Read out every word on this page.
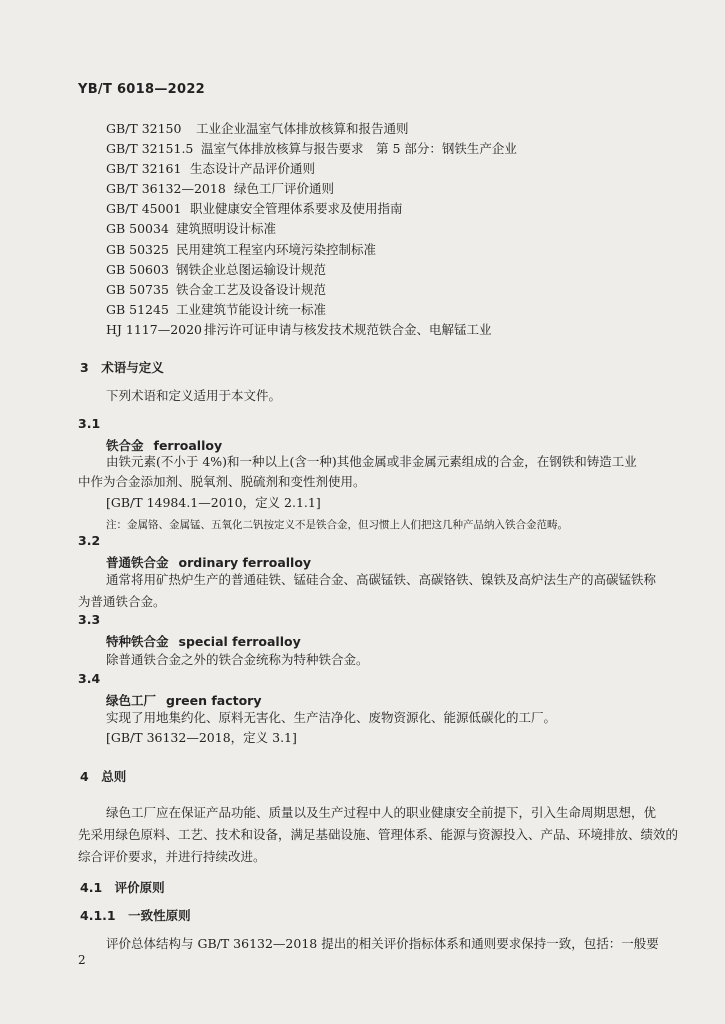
YB/T 6018—2022
GB/T 32150 工业企业温室气体排放核算和报告通则
GB/T 32151.5 温室气体排放核算与报告要求　第 5 部分：钢铁生产企业
GB/T 32161 生态设计产品评价通则
GB/T 36132—2018 绿色工厂评价通则
GB/T 45001 职业健康安全管理体系要求及使用指南
GB 50034 建筑照明设计标准
GB 50325 民用建筑工程室内环境污染控制标准
GB 50603 钢铁企业总图运输设计规范
GB 50735 铁合金工艺及设备设计规范
GB 51245 工业建筑节能设计统一标准
HJ 1117—2020 排污许可证申请与核发技术规范铁合金、电解锰工业
3　术语与定义
下列术语和定义适用于本文件。
3.1
铁合金 ferroalloy
由铁元素(不小于 4%)和一种以上(含一种)其他金属或非金属元素组成的合金，在钢铁和铸造工业
中作为合金添加剂、脱氧剂、脱硫剂和变性剂使用。
[GB/T 14984.1—2010，定义 2.1.1]
注：金属铬、金属锰、五氧化二钒按定义不是铁合金，但习惯上人们把这几种产品纳入铁合金范畴。
3.2
普通铁合金 ordinary ferroalloy
通常将用矿热炉生产的普通硅铁、锰硅合金、高碳锰铁、高碳铬铁、镍铁及高炉法生产的高碳锰铁称
为普通铁合金。
3.3
特种铁合金 special ferroalloy
除普通铁合金之外的铁合金统称为特种铁合金。
3.4
绿色工厂 green factory
实现了用地集约化、原料无害化、生产洁净化、废物资源化、能源低碳化的工厂。
[GB/T 36132—2018，定义 3.1]
4　总则
绿色工厂应在保证产品功能、质量以及生产过程中人的职业健康安全前提下，引入生命周期思想，优
先采用绿色原料、工艺、技术和设备，满足基础设施、管理体系、能源与资源投入、产品、环境排放、绩效的
综合评价要求，并进行持续改进。
4.1　评价原则
4.1.1　一致性原则
评价总体结构与 GB/T 36132—2018 提出的相关评价指标体系和通则要求保持一致，包括：一般要
2
